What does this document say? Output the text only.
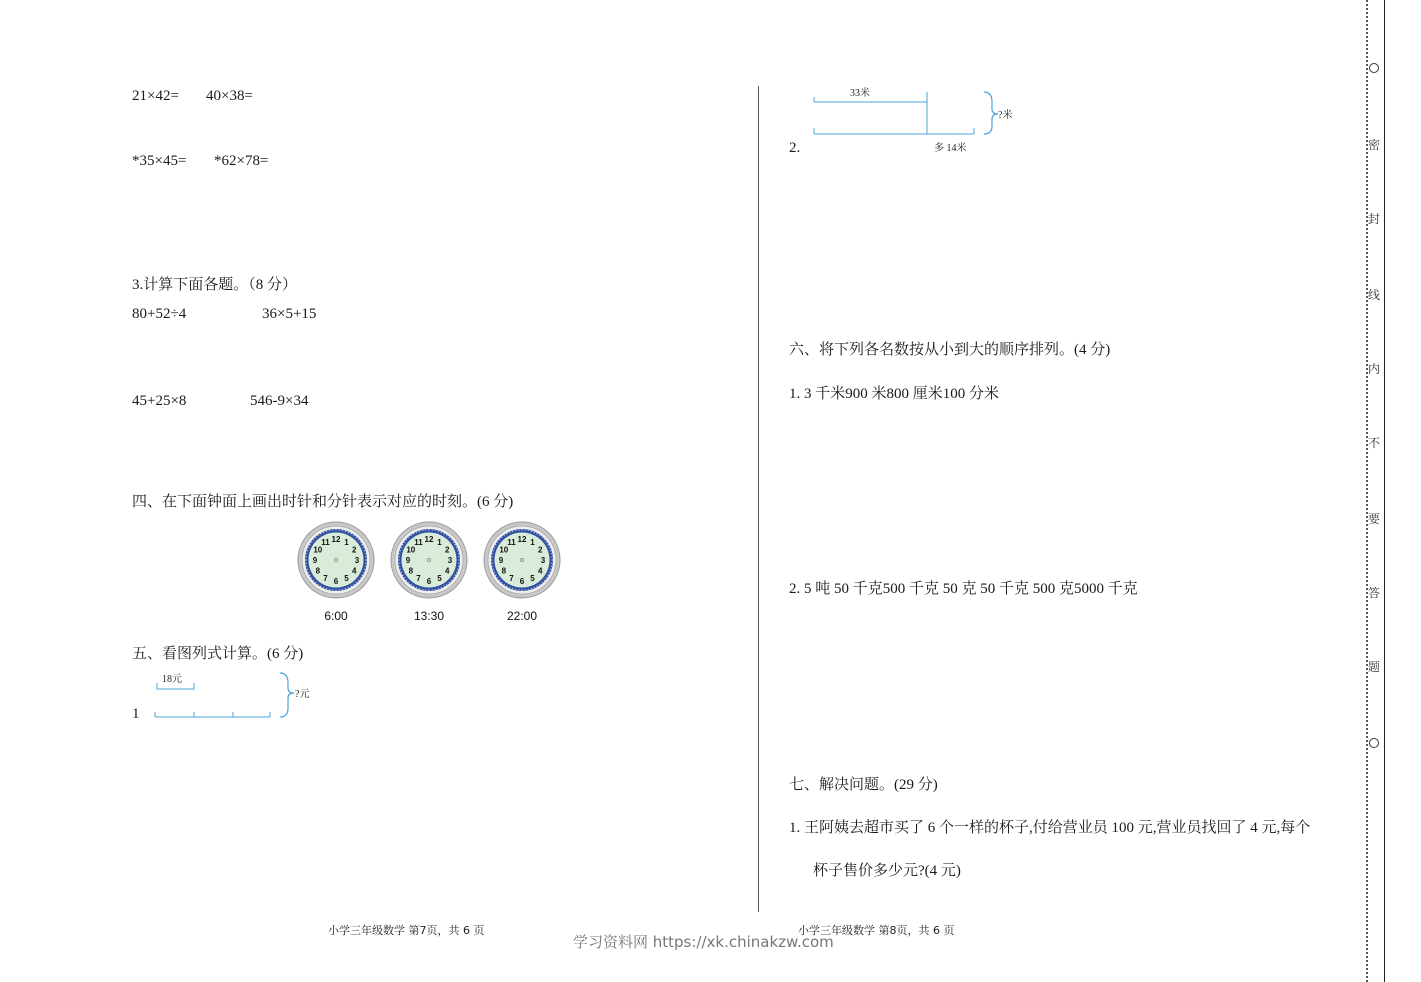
密
封
线
内
不
要
答
题
21×42= 40×38=
*35×45= *62×78=
3.计算下面各题。（8 分）
80+52÷4	36×5+15
45+25×8	546-9×34
四、在下面钟面上画出时针和分针表示对应的时刻。(6 分)
12 1
2
3
4
5
6
7
8
9
10
11
6:00
12 1
2
3
4
5
6
7
8
9
10
11
13:30
12 1
2
3
4
5
6
7
8
9
10
11
22:00
五、看图列式计算。(6 分)
1
18元
?元
小学三年级数学 第7页，共 6 页
33米
?米
多 14米
2.
六、将下列各名数按从小到大的顺序排列。(4 分)
1. 3 千米900 米800 厘米100 分米
2. 5 吨 50 千克500 千克 50 克 50 千克 500 克5000 千克
七、解决问题。(29 分)
1. 王阿姨去超市买了 6 个一样的杯子,付给营业员 100 元,营业员找回了 4 元,每个
杯子售价多少元?(4 元)
小学三年级数学 第8页，共 6 页
学习资料网 https://xk.chinakzw.com
